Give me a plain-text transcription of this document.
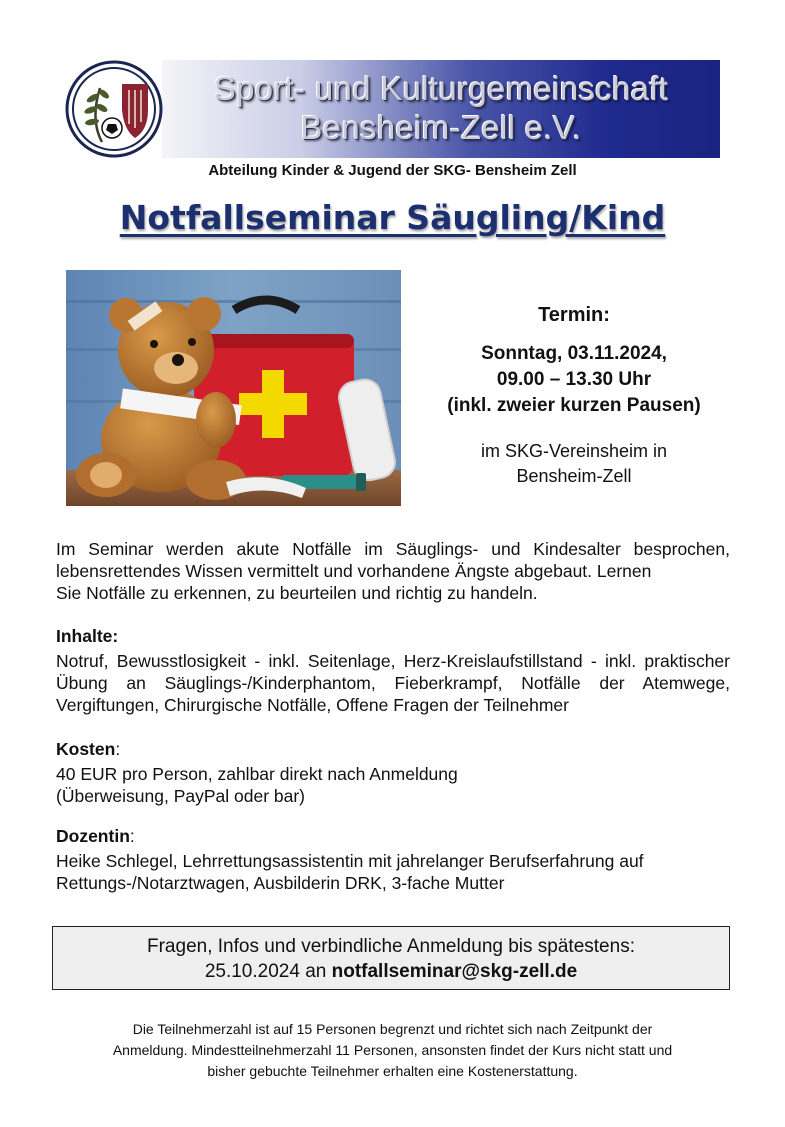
Sport- und Kulturgemeinschaft
Bensheim-Zell e.V.
Abteilung Kinder & Jugend der SKG- Bensheim Zell
Notfallseminar Säugling/Kind
Termin:
Sonntag, 03.11.2024,
09.00 – 13.30 Uhr
(inkl. zweier kurzen Pausen)
im SKG-Vereinsheim in
Bensheim-Zell
Im Seminar werden akute Notfälle im Säuglings- und Kindesalter besprochen, lebensrettendes Wissen vermittelt und vorhandene Ängste abgebaut. Lernen
Sie Notfälle zu erkennen, zu beurteilen und richtig zu handeln.
Inhalte:
Notruf, Bewusstlosigkeit - inkl. Seitenlage, Herz-Kreislaufstillstand - inkl. praktischer Übung an Säuglings-/Kinderphantom, Fieberkrampf, Notfälle der Atemwege, Vergiftungen, Chirurgische Notfälle, Offene Fragen der Teilnehmer
Kosten:
40 EUR pro Person, zahlbar direkt nach Anmeldung
(Überweisung, PayPal oder bar)
Dozentin:
Heike Schlegel, Lehrrettungsassistentin mit jahrelanger Berufserfahrung auf
Rettungs-/Notarztwagen, Ausbilderin DRK, 3-fache Mutter
Fragen, Infos und verbindliche Anmeldung bis spätestens:
25.10.2024 an notfallseminar@skg-zell.de
Die Teilnehmerzahl ist auf 15 Personen begrenzt und richtet sich nach Zeitpunkt der
Anmeldung. Mindestteilnehmerzahl 11 Personen, ansonsten findet der Kurs nicht statt und
bisher gebuchte Teilnehmer erhalten eine Kostenerstattung.
